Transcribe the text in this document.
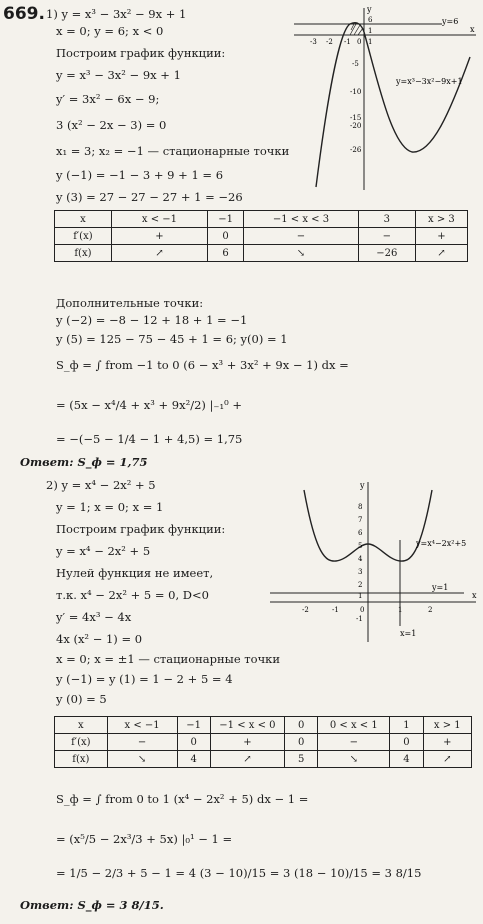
669. 1) y = x³ − 3x² − 9x + 1
x = 0; y = 6; x < 0
Построим график функции:
y = x³ − 3x² − 9x + 1
y′ = 3x² − 6x − 9;
3 (x² − 2x − 3) = 0
x₁ = 3; x₂ = −1 — стационарные точки
y (−1) = −1 − 3 + 9 + 1 = 6
y (3) = 27 − 27 − 27 + 1 = −26
y
x
y=6
y=x³−3x²−9x+1
-3 -2 -1 0 1
6
1
-5
-10
-15
-20
-26
x	x < −1	−1	−1 < x < 3	3	x > 3
f′(x)	+	0	−	−	+
f(x)	↗	6	↘	−26	↗
Дополнительные точки:
y (−2) = −8 − 12 + 18 + 1 = −1
y (5) = 125 − 75 − 45 + 1 = 6; y(0) = 1
S_ф = ∫ from −1 to 0 (6 − x³ + 3x² + 9x − 1) dx =
= (5x − x⁴/4 + x³ + 9x²/2) |₋₁⁰ +
= −(−5 − 1/4 − 1 + 4,5) = 1,75
Ответ: S_ф = 1,75
2) y = x⁴ − 2x² + 5
y = 1; x = 0; x = 1
Построим график функции:
y = x⁴ − 2x² + 5
Нулей функция не имеет,
т.к. x⁴ − 2x² + 5 = 0, D<0
y′ = 4x³ − 4x
4x (x² − 1) = 0
x = 0; x = ±1 — стационарные точки
y (−1) = y (1) = 1 − 2 + 5 = 4
y (0) = 5
y
x
y=x⁴−2x²+5
y=1
x=1
-2	-1	0	1	2
8
7
6
5
4
3
2
1
-1
x	x < −1	−1	−1 < x < 0	0	0 < x < 1	1	x > 1
f′(x)	−	0	+	0	−	0	+
f(x)	↘	4	↗	5	↘	4	↗
S_ф = ∫ from 0 to 1 (x⁴ − 2x² + 5) dx − 1 =
= (x⁵/5 − 2x³/3 + 5x) |₀¹ − 1 =
= 1/5 − 2/3 + 5 − 1 = 4 (3 − 10)/15 = 3 (18 − 10)/15 = 3 8/15
Ответ: S_ф = 3 8/15.
